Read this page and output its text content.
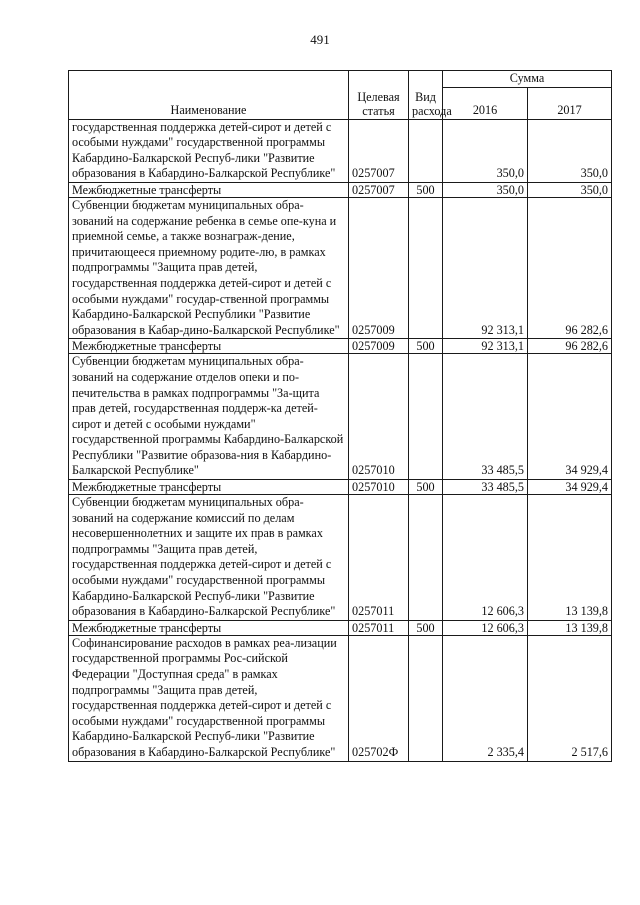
491
Наименование	Целевая статья	Вид расхода	Сумма	
			2016	2017
государственная поддержка детей-сирот и детей с особыми нуждами" государственной программы Кабардино-Балкарской Респуб-лики "Развитие образования в Кабардино-Балкарской Республике"	0257007		350,0	350,0
Межбюджетные трансферты	0257007	500	350,0	350,0
Субвенции бюджетам муниципальных обра-зований на содержание ребенка в семье опе-куна и приемной семье, а также вознаграж-дение, причитающееся приемному родите-лю, в рамках подпрограммы "Защита прав детей, государственная поддержка детей-сирот и детей с особыми нуждами" государ-ственной программы Кабардино-Балкарской Республики "Развитие образования в Кабар-дино-Балкарской Республике"	0257009		92 313,1	96 282,6
Межбюджетные трансферты	0257009	500	92 313,1	96 282,6
Субвенции бюджетам муниципальных обра-зований на содержание отделов опеки и по-печительства в рамках подпрограммы "За-щита прав детей, государственная поддерж-ка детей-сирот и детей с особыми нуждами" государственной программы Кабардино-Балкарской Республики "Развитие образова-ния в Кабардино-Балкарской Республике"	0257010		33 485,5	34 929,4
Межбюджетные трансферты	0257010	500	33 485,5	34 929,4
Субвенции бюджетам муниципальных обра-зований на содержание комиссий по делам несовершеннолетних и защите их прав в рамках подпрограммы "Защита прав детей, государственная поддержка детей-сирот и детей с особыми нуждами" государственной программы Кабардино-Балкарской Респуб-лики "Развитие образования в Кабардино-Балкарской Республике"	0257011		12 606,3	13 139,8
Межбюджетные трансферты	0257011	500	12 606,3	13 139,8
Софинансирование расходов в рамках реа-лизации государственной программы Рос-сийской Федерации "Доступная среда" в рамках подпрограммы "Защита прав детей, государственная поддержка детей-сирот и детей с особыми нуждами" государственной программы Кабардино-Балкарской Респуб-лики "Развитие образования в Кабардино-Балкарской Республике"	025702Ф		2 335,4	2 517,6
